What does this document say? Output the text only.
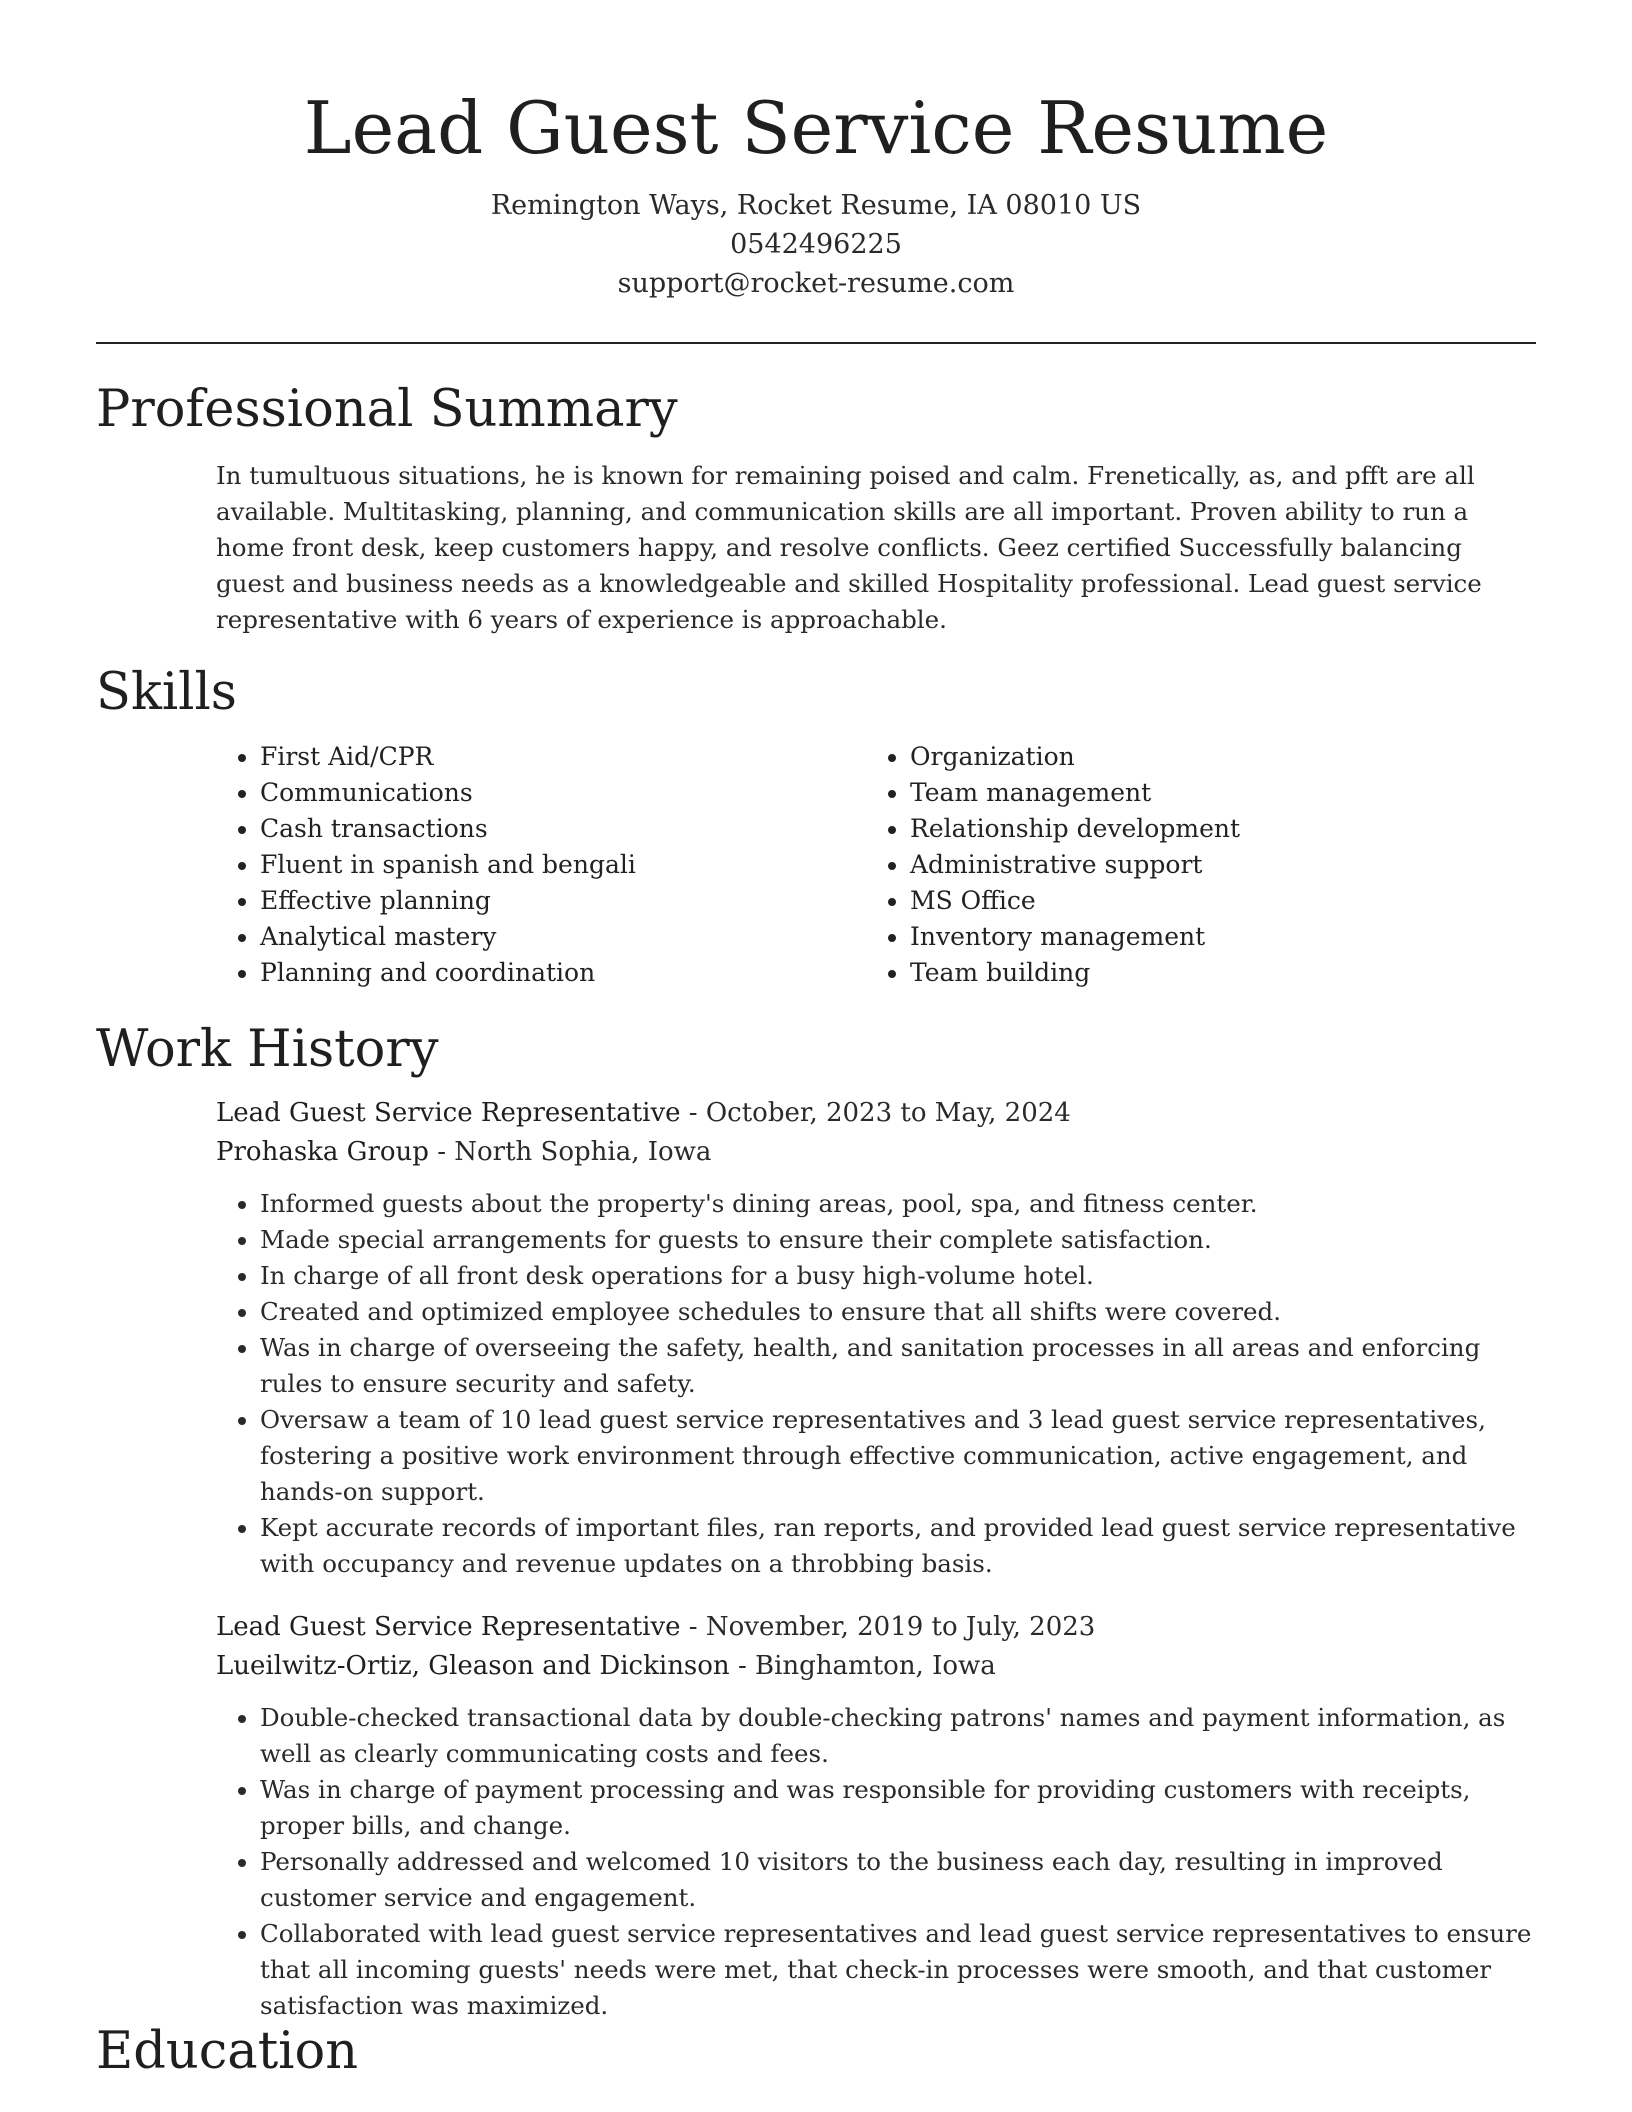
Lead Guest Service Resume
Remington Ways, Rocket Resume, IA 08010 US
0542496225
support@rocket-resume.com
Professional Summary

In tumultuous situations, he is known for remaining poised and calm. Frenetically, as, and pfft are all available. Multitasking, planning, and communication skills are all important. Proven ability to run a home front desk, keep customers happy, and resolve conflicts. Geez certified Successfully balancing guest and business needs as a knowledgeable and skilled Hospitality professional. Lead guest service representative with 6 years of experience is approachable.

Skills
• First Aid/CPR
• Communications
• Cash transactions
• Fluent in spanish and bengali
• Effective planning
• Analytical mastery
• Planning and coordination
• Organization
• Team management
• Relationship development
• Administrative support
• MS Office
• Inventory management
• Team building
Work History
Lead Guest Service Representative - October, 2023 to May, 2024
Prohaska Group - North Sophia, Iowa
• Informed guests about the property's dining areas, pool, spa, and fitness center.
• Made special arrangements for guests to ensure their complete satisfaction.
• In charge of all front desk operations for a busy high-volume hotel.
• Created and optimized employee schedules to ensure that all shifts were covered.
• Was in charge of overseeing the safety, health, and sanitation processes in all areas and enforcing rules to ensure security and safety.
• Oversaw a team of 10 lead guest service representatives and 3 lead guest service representatives, fostering a positive work environment through effective communication, active engagement, and hands-on support.
• Kept accurate records of important files, ran reports, and provided lead guest service representative with occupancy and revenue updates on a throbbing basis.
Lead Guest Service Representative - November, 2019 to July, 2023
Lueilwitz-Ortiz, Gleason and Dickinson - Binghamton, Iowa
• Double-checked transactional data by double-checking patrons' names and payment information, as well as clearly communicating costs and fees.
• Was in charge of payment processing and was responsible for providing customers with receipts, proper bills, and change.
• Personally addressed and welcomed 10 visitors to the business each day, resulting in improved customer service and engagement.
• Collaborated with lead guest service representatives and lead guest service representatives to ensure that all incoming guests' needs were met, that check-in processes were smooth, and that customer satisfaction was maximized.
Education
